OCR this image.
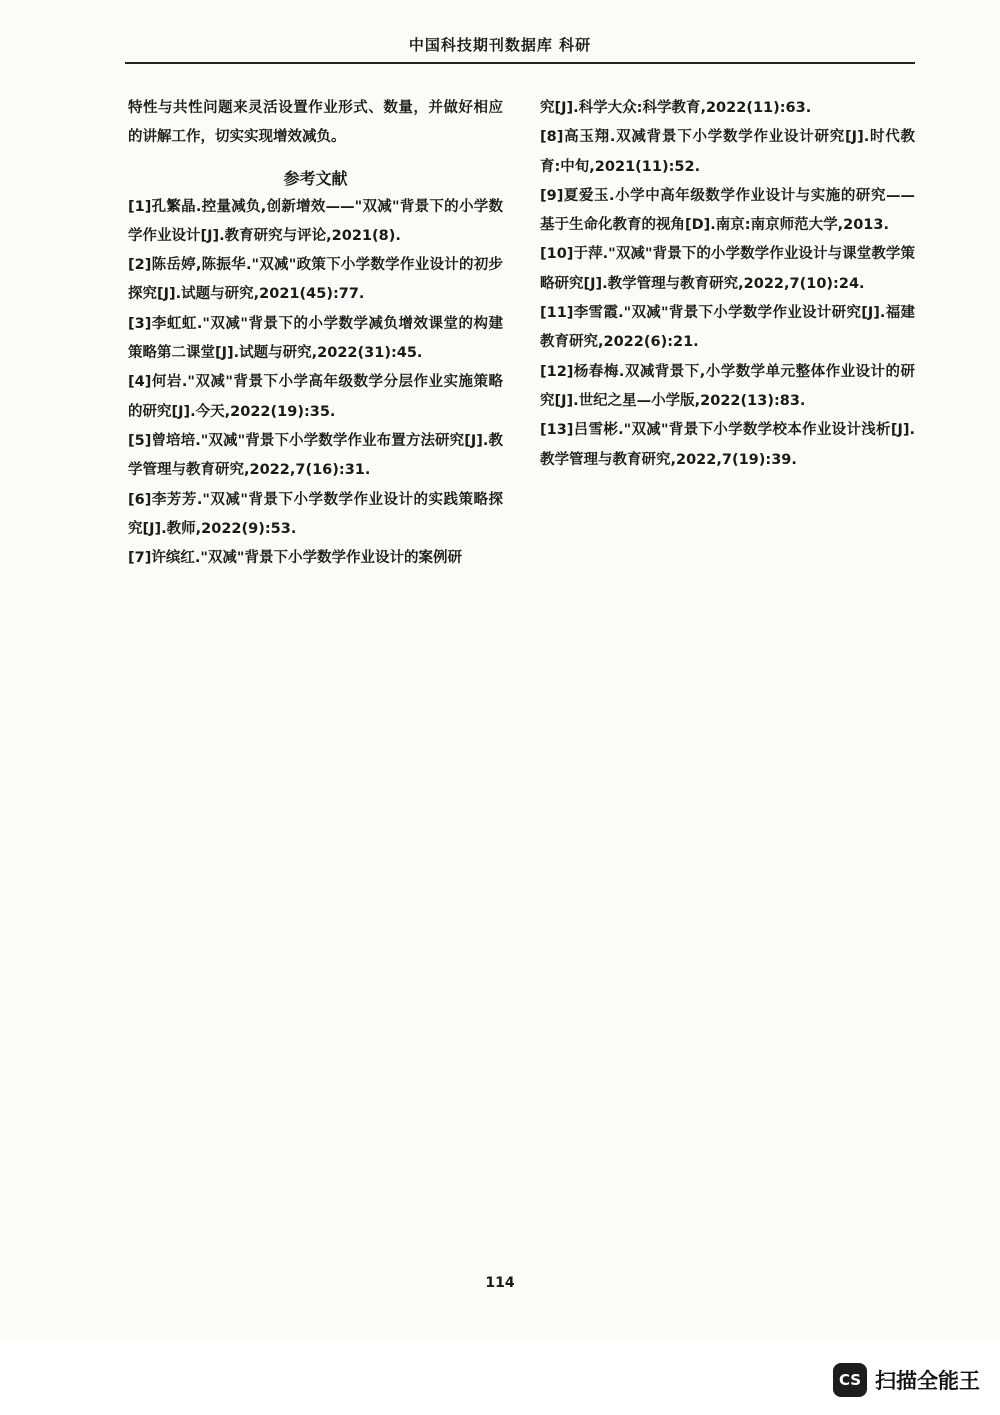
中国科技期刊数据库 科研

特性与共性问题来灵活设置作业形式、数量，并做好相应的讲解工作，切实实现增效减负。

参考文献

[1]孔繁晶.控量减负,创新增效——"双减"背景下的小学数学作业设计[J].教育研究与评论,2021(8).

[2]陈岳婷,陈振华."双减"政策下小学数学作业设计的初步探究[J].试题与研究,2021(45):77.

[3]李虹虹."双减"背景下的小学数学减负增效课堂的构建策略第二课堂[J].试题与研究,2022(31):45.

[4]何岩."双减"背景下小学高年级数学分层作业实施策略的研究[J].今天,2022(19):35.

[5]曾培培."双减"背景下小学数学作业布置方法研究[J].教学管理与教育研究,2022,7(16):31.

[6]李芳芳."双减"背景下小学数学作业设计的实践策略探究[J].教师,2022(9):53.

[7]许缤红."双减"背景下小学数学作业设计的案例研

究[J].科学大众:科学教育,2022(11):63.

[8]高玉翔.双减背景下小学数学作业设计研究[J].时代教育:中旬,2021(11):52.

[9]夏爱玉.小学中高年级数学作业设计与实施的研究——基于生命化教育的视角[D].南京:南京师范大学,2013.

[10]于萍."双减"背景下的小学数学作业设计与课堂教学策略研究[J].教学管理与教育研究,2022,7(10):24.

[11]李雪霞."双减"背景下小学数学作业设计研究[J].福建教育研究,2022(6):21.

[12]杨春梅.双减背景下,小学数学单元整体作业设计的研究[J].世纪之星—小学版,2022(13):83.

[13]吕雪彬."双减"背景下小学数学校本作业设计浅析[J].教学管理与教育研究,2022,7(19):39.

114
CS 扫描全能王
